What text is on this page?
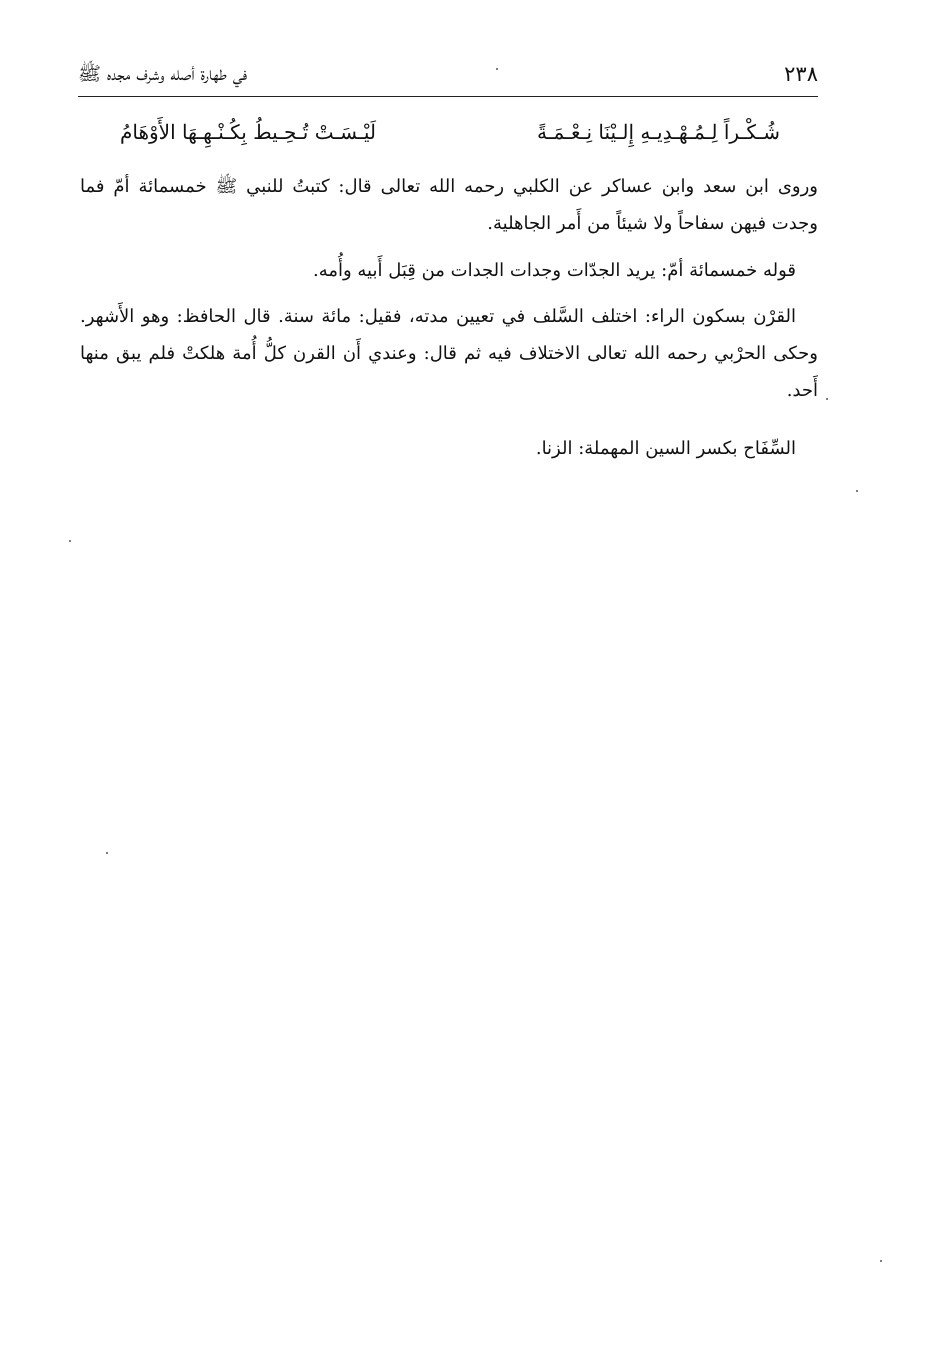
في طهارة أصله وشرف مجده ﷺ	٢٣٨
شُـكْـراً لِـمُـهْـدِيـهِ إِلـيْنَا نِـعْـمَـةً
لَيْـسَـتْ تُـحِـيطُ بِكُـنْـهِـهَا الأَوْهَامُ

وروى ابن سعد وابن عساكر عن الكلبي رحمه الله تعالى قال: كتبتُ للنبي ﷺ خمسمائة أمّ فما وجدت فيهن سفاحاً ولا شيئاً من أَمر الجاهلية.

قوله خمسمائة أمّ: يريد الجدّات وجدات الجدات من قِبَل أَبيه وأُمه.

القرْن بسكون الراء: اختلف السَّلف في تعيين مدته، فقيل: مائة سنة. قال الحافظ: وهو الأَشهر. وحكى الحرْبي رحمه الله تعالى الاختلاف فيه ثم قال: وعندي أَن القرن كلُّ أُمة هلكتْ فلم يبق منها أَحد.

السِّفَاح بكسر السين المهملة: الزنا.
